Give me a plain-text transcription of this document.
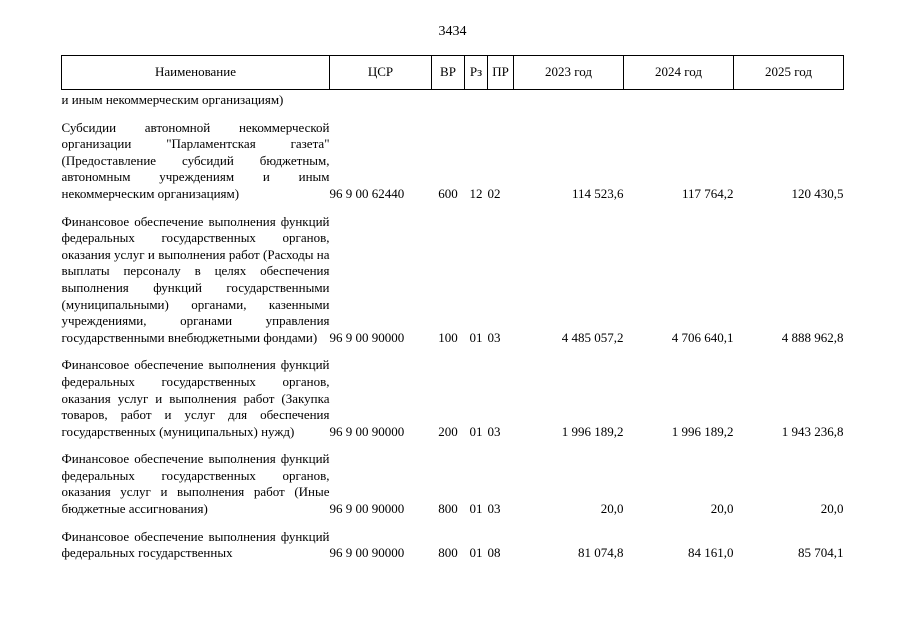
3434
Наименование	ЦСР	ВР	Рз	ПР	2023 год	2024 год	2025 год
и иным некоммерческим организациям)							
Субсидии автономной некоммерческой организации "Парламентская газета" (Предоставление субсидий бюджетным, автономным учреждениям и иным некоммерческим организациям)	96 9 00 62440	600	12	02	114 523,6	117 764,2	120 430,5
Финансовое обеспечение выполнения функций федеральных государственных органов, оказания услуг и выполнения работ (Расходы на выплаты персоналу в целях обеспечения выполнения функций государственными (муниципальными) органами, казенными учреждениями, органами управления государственными внебюджетными фондами)	96 9 00 90000	100	01	03	4 485 057,2	4 706 640,1	4 888 962,8
Финансовое обеспечение выполнения функций федеральных государственных органов, оказания услуг и выполнения работ (Закупка товаров, работ и услуг для обеспечения государственных (муниципальных) нужд)	96 9 00 90000	200	01	03	1 996 189,2	1 996 189,2	1 943 236,8
Финансовое обеспечение выполнения функций федеральных государственных органов, оказания услуг и выполнения работ (Иные бюджетные ассигнования)	96 9 00 90000	800	01	03	20,0	20,0	20,0
Финансовое обеспечение выполнения функций федеральных государственных	96 9 00 90000	800	01	08	81 074,8	84 161,0	85 704,1
